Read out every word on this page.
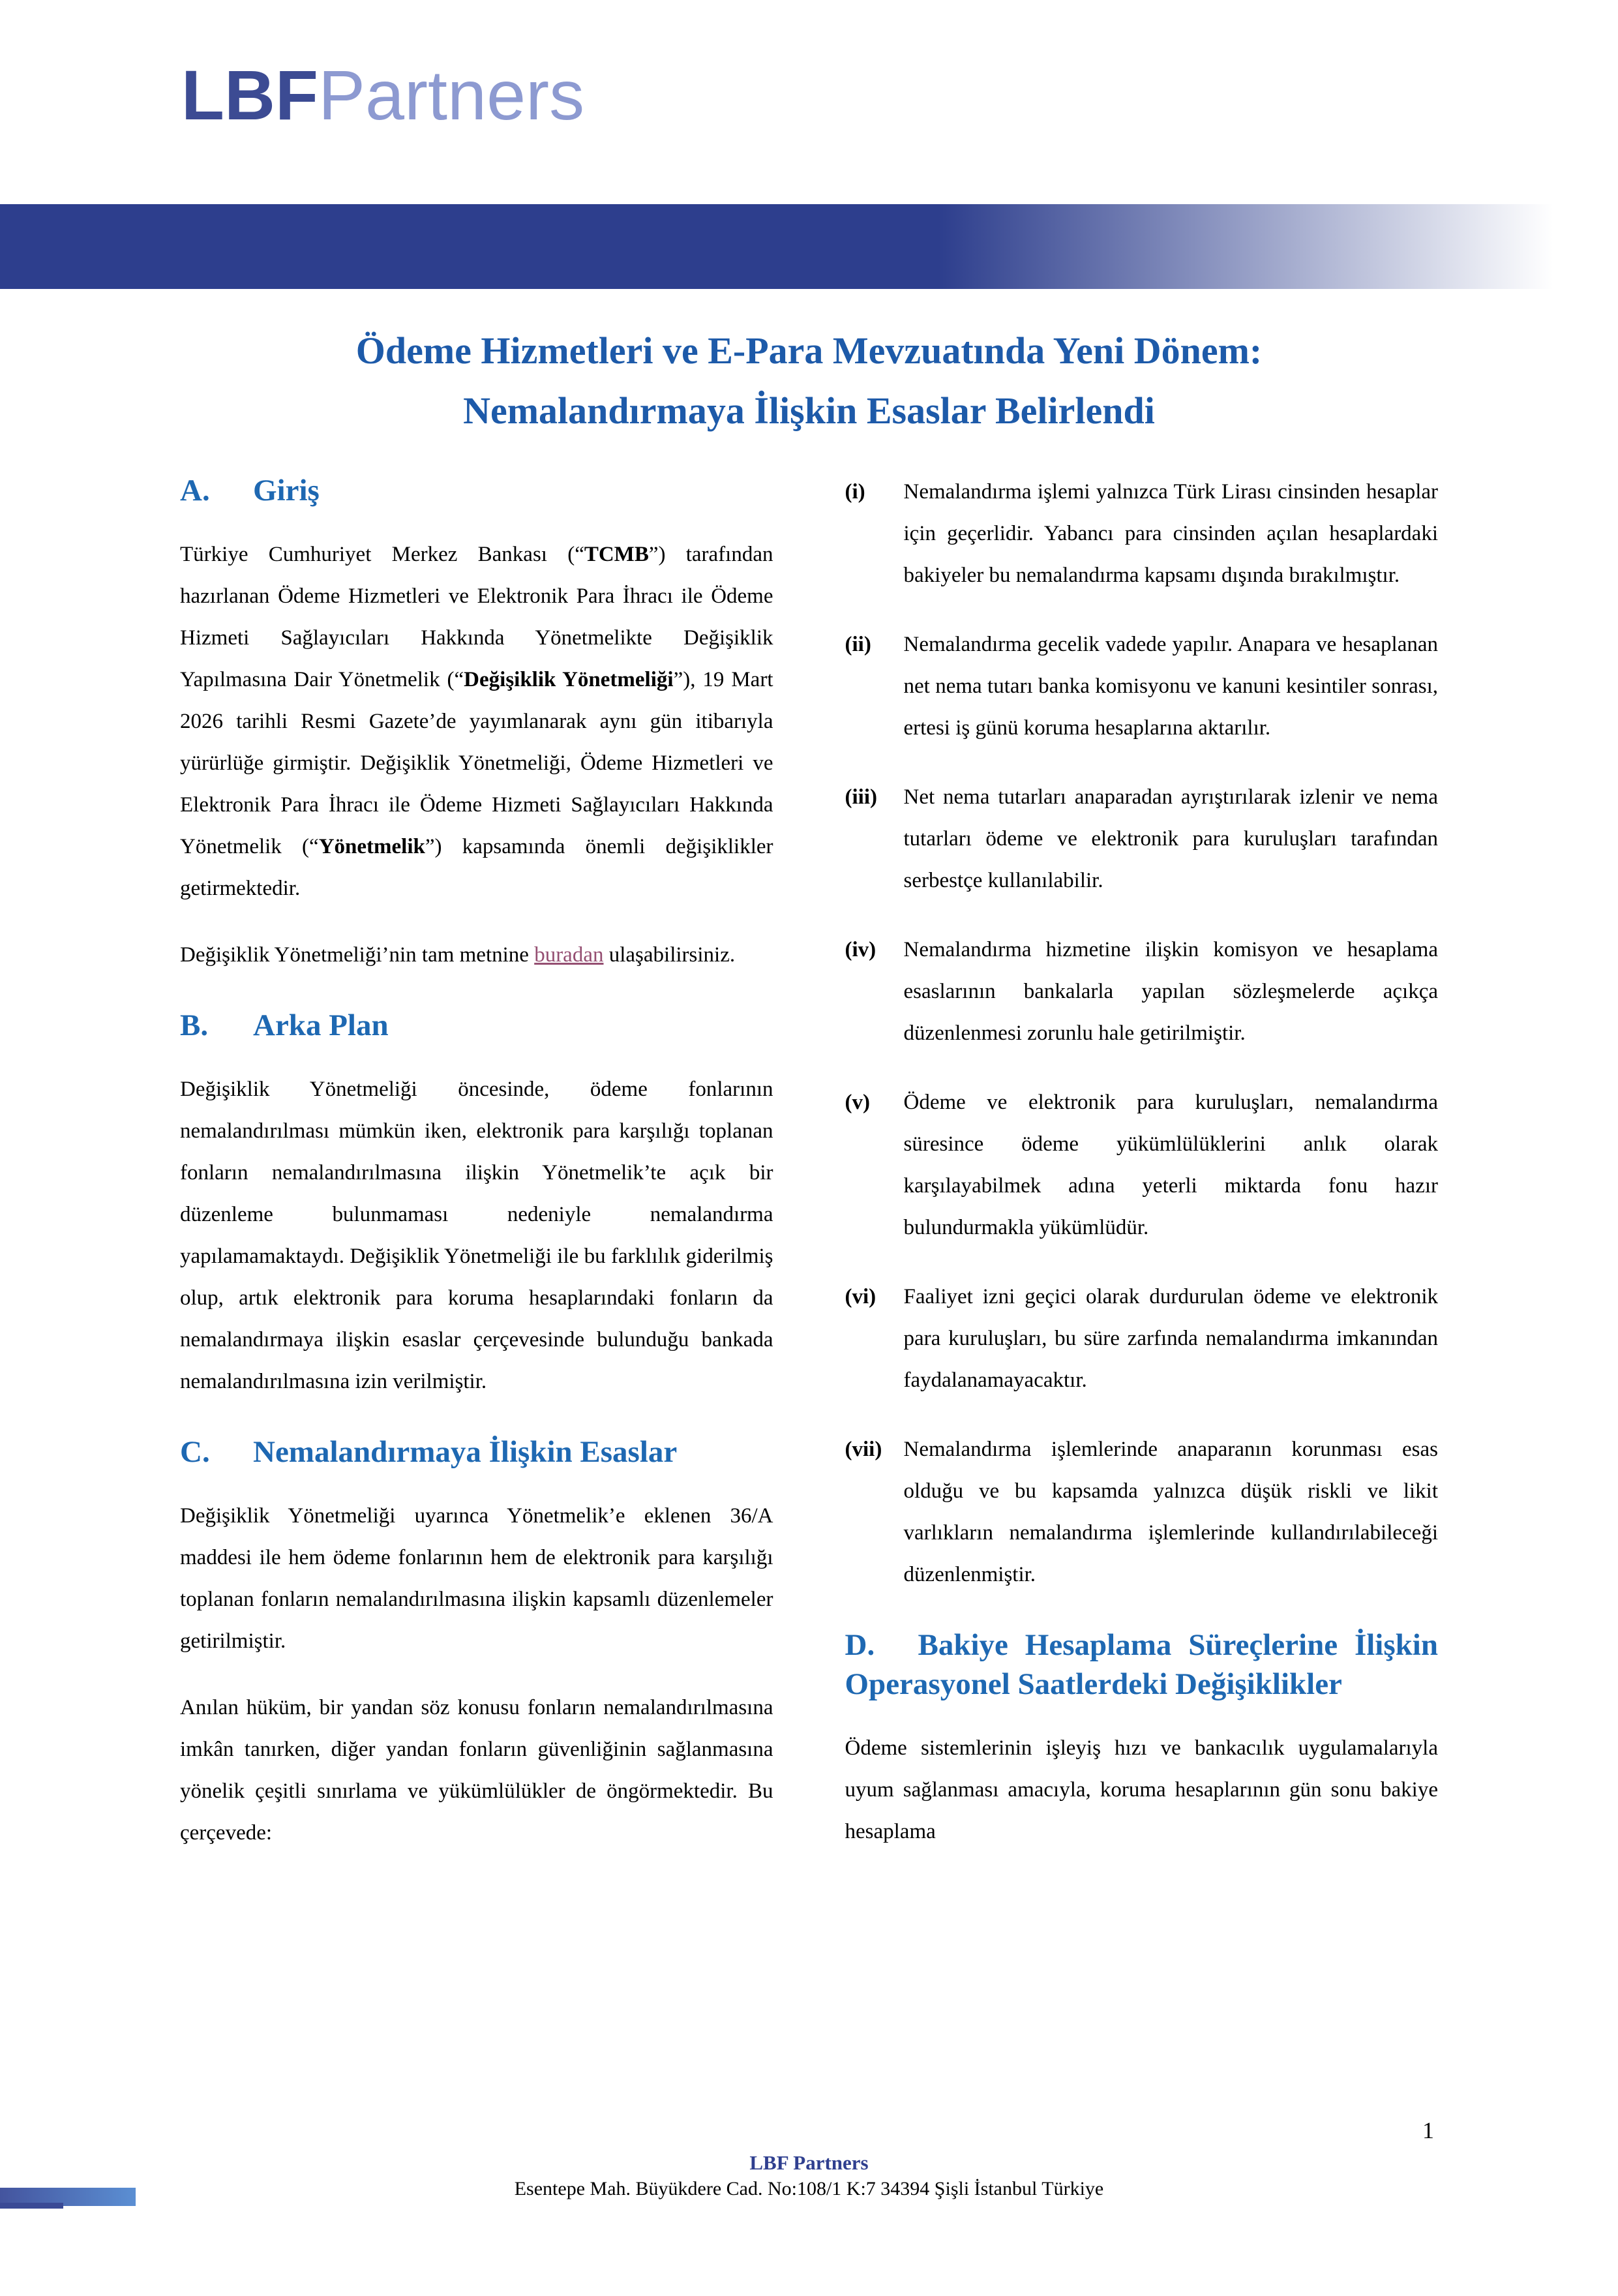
LBFPartners
Ödeme Hizmetleri ve E-Para Mevzuatında Yeni Dönem:
Nemalandırmaya İlişkin Esaslar Belirlendi
A. Giriş

Türkiye Cumhuriyet Merkez Bankası (“TCMB”) tarafından hazırlanan Ödeme Hizmetleri ve Elektronik Para İhracı ile Ödeme Hizmeti Sağlayıcıları Hakkında Yönetmelikte Değişiklik Yapılmasına Dair Yönetmelik (“Değişiklik Yönetmeliği”), 19 Mart 2026 tarihli Resmi Gazete’de yayımlanarak aynı gün itibarıyla yürürlüğe girmiştir. Değişiklik Yönetmeliği, Ödeme Hizmetleri ve Elektronik Para İhracı ile Ödeme Hizmeti Sağlayıcıları Hakkında Yönetmelik (“Yönetmelik”) kapsamında önemli değişiklikler getirmektedir.

Değişiklik Yönetmeliği’nin tam metnine buradan ulaşabilirsiniz.

B. Arka Plan

Değişiklik Yönetmeliği öncesinde, ödeme fonlarının nemalandırılması mümkün iken, elektronik para karşılığı toplanan fonların nemalandırılmasına ilişkin Yönetmelik’te açık bir düzenleme bulunmaması nedeniyle nemalandırma yapılamamaktaydı. Değişiklik Yönetmeliği ile bu farklılık giderilmiş olup, artık elektronik para koruma hesaplarındaki fonların da nemalandırmaya ilişkin esaslar çerçevesinde bulunduğu bankada nemalandırılmasına izin verilmiştir.

C. Nemalandırmaya İlişkin Esaslar

Değişiklik Yönetmeliği uyarınca Yönetmelik’e eklenen 36/A maddesi ile hem ödeme fonlarının hem de elektronik para karşılığı toplanan fonların nemalandırılmasına ilişkin kapsamlı düzenlemeler getirilmiştir.

Anılan hüküm, bir yandan söz konusu fonların nemalandırılmasına imkân tanırken, diğer yandan fonların güvenliğinin sağlanmasına yönelik çeşitli sınırlama ve yükümlülükler de öngörmektedir. Bu çerçevede:

(i)	Nemalandırma işlemi yalnızca Türk Lirası cinsinden hesaplar için geçerlidir. Yabancı para cinsinden açılan hesaplardaki bakiyeler bu nemalandırma kapsamı dışında bırakılmıştır.
(ii)	Nemalandırma gecelik vadede yapılır. Anapara ve hesaplanan net nema tutarı banka komisyonu ve kanuni kesintiler sonrası, ertesi iş günü koruma hesaplarına aktarılır.
(iii)	Net nema tutarları anaparadan ayrıştırılarak izlenir ve nema tutarları ödeme ve elektronik para kuruluşları tarafından serbestçe kullanılabilir.
(iv)	Nemalandırma hizmetine ilişkin komisyon ve hesaplama esaslarının bankalarla yapılan sözleşmelerde açıkça düzenlenmesi zorunlu hale getirilmiştir.
(v)	Ödeme ve elektronik para kuruluşları, nemalandırma süresince ödeme yükümlülüklerini anlık olarak karşılayabilmek adına yeterli miktarda fonu hazır bulundurmakla yükümlüdür.
(vi)	Faaliyet izni geçici olarak durdurulan ödeme ve elektronik para kuruluşları, bu süre zarfında nemalandırma imkanından faydalanamayacaktır.
(vii)	Nemalandırma işlemlerinde anaparanın korunması esas olduğu ve bu kapsamda yalnızca düşük riskli ve likit varlıkların nemalandırma işlemlerinde kullandırılabileceği düzenlenmiştir.
D. Bakiye Hesaplama Süreçlerine İlişkin Operasyonel Saatlerdeki Değişiklikler

Ödeme sistemlerinin işleyiş hızı ve bankacılık uygulamalarıyla uyum sağlanması amacıyla, koruma hesaplarının gün sonu bakiye hesaplama

1
LBF Partners
Esentepe Mah. Büyükdere Cad. No:108/1 K:7 34394 Şişli İstanbul Türkiye
